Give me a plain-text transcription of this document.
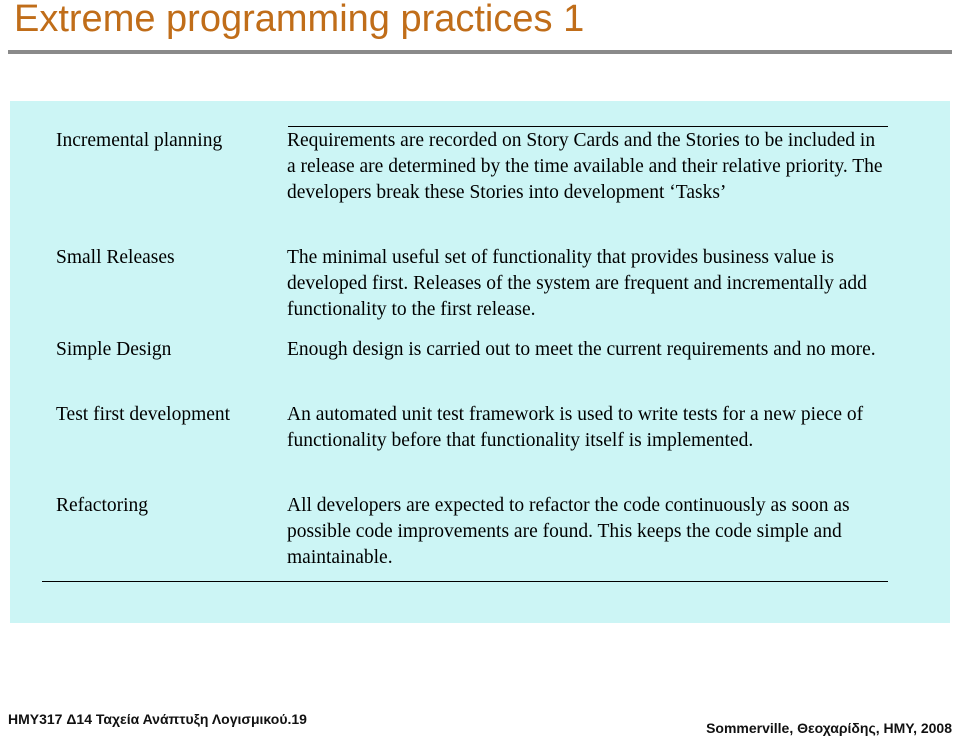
Extreme programming practices 1
Incremental planning	Requirements are recorded on Story Cards and the Stories to be included in a release are determined by the time available and their relative priority. The developers break these Stories into development ‘Tasks’
Small Releases	The minimal useful set of functionality that provides business value is developed first. Releases of the system are frequent and incrementally add functionality to the first release.
Simple Design	Enough design is carried out to meet the current requirements and no more.
Test first development	An automated unit test framework is used to write tests for a new piece of functionality before that functionality itself is implemented.
Refactoring	All developers are expected to refactor the code continuously as soon as possible code improvements are found. This keeps the code simple and maintainable.
HMY317 Δ14 Ταχεία Ανάπτυξη Λογισμικού.19
Sommerville, Θεοχαρίδης, HMY, 2008
